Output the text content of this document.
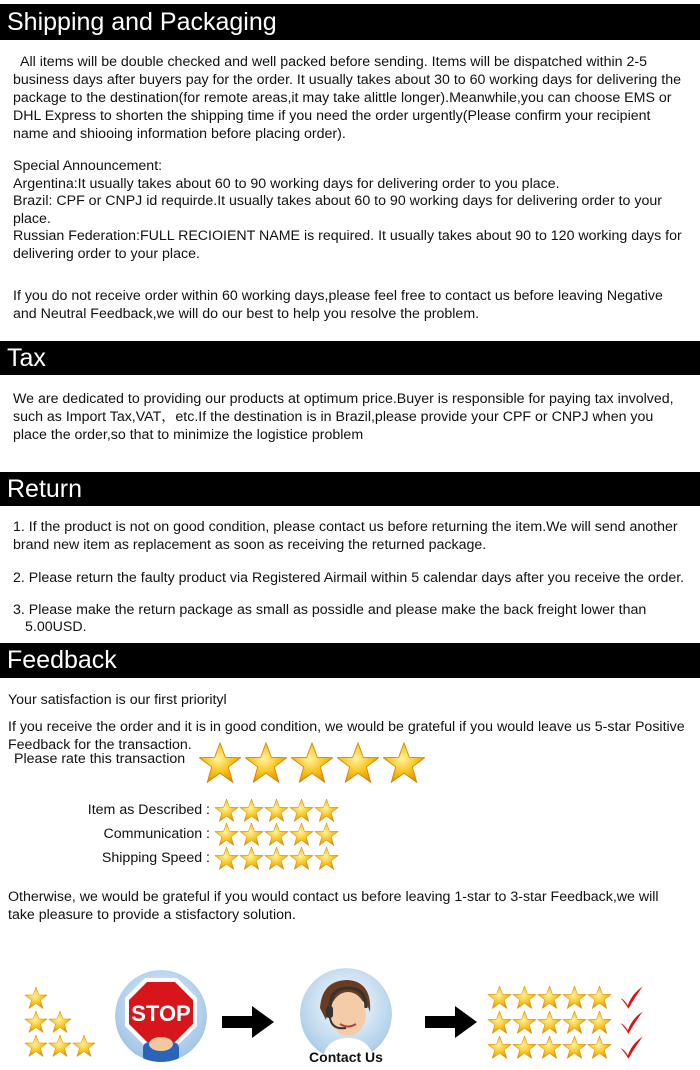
Shipping and Packaging
All items will be double checked and well packed before sending. Items will be dispatched within 2-5 business days after buyers pay for the order. It usually takes about 30 to 60 working days for delivering the package to the destination(for remote areas,it may take alittle longer).Meanwhile,you can choose EMS or DHL Express to shorten the shipping time if you need the order urgently(Please confirm your recipient name and shiooing information before placing order).
Special Announcement:
Argentina:It usually takes about 60 to 90 working days for delivering order to you place.
Brazil: CPF or CNPJ id requirde.It usually takes about 60 to 90 working days for delivering order to your place.
Russian Federation:FULL RECIOIENT NAME is required. It usually takes about 90 to 120 working days for delivering order to your place.
If you do not receive order within 60 working days,please feel free to contact us before leaving Negative and Neutral Feedback,we will do our best to help you resolve the problem.
Tax
We are dedicated to providing our products at optimum price.Buyer is responsible for paying tax involved, such as Import Tax,VAT，etc.If the destination is in Brazil,please provide your CPF or CNPJ when you place the order,so that to minimize the logistice problem
Return
1. If the product is not on good condition, please contact us before returning the item.We will send another brand new item as replacement as soon as receiving the returned package.
2. Please return the faulty product via Registered Airmail within 5 calendar days after you receive the order.
3. Please make the return package as small as possidle and please make the back freight lower than
5.00USD.
Feedback
Your satisfaction is our first priorityl
If you receive the order and it is in good condition, we would be grateful if you would leave us 5-star Positive Feedback for the transaction.
Please rate this transaction
Item as Described :
Communication :
Shipping Speed :
Otherwise, we would be grateful if you would contact us before leaving 1-star to 3-star Feedback,we will take pleasure to provide a stisfactory solution.
STOP
Contact Us
